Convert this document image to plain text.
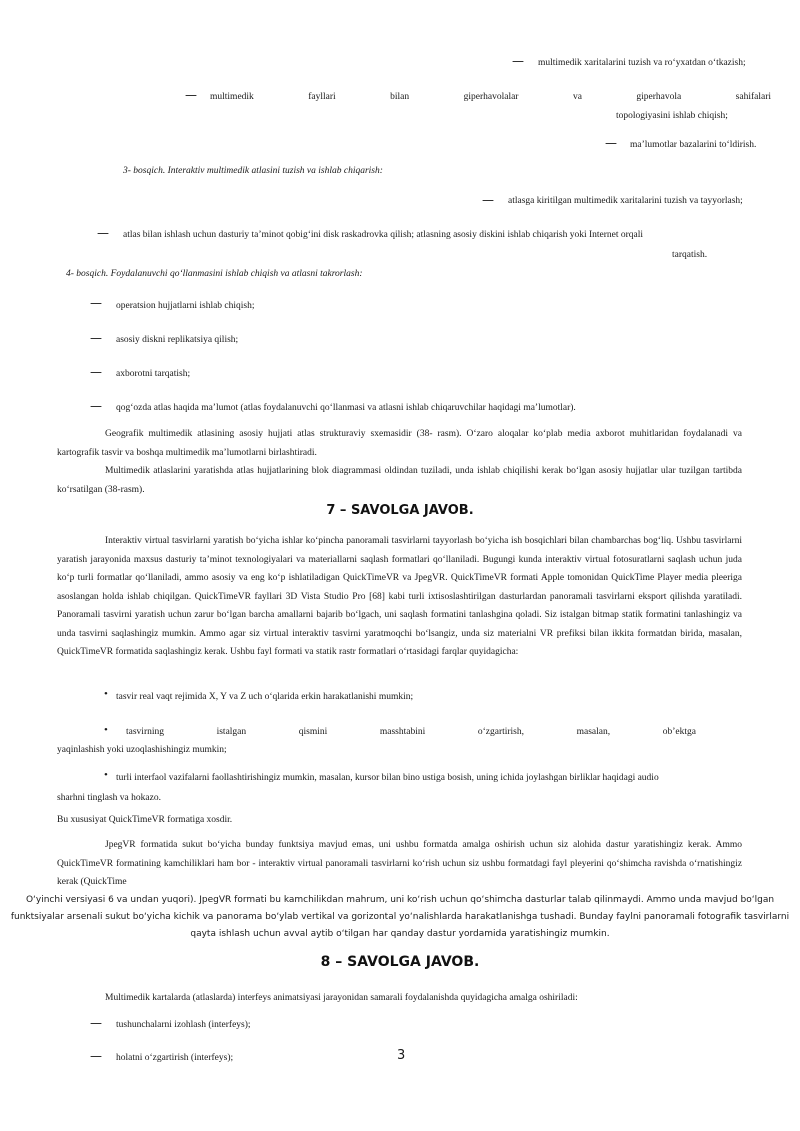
— multimedik xaritalarini tuzish va ro‘yxatdan o‘tkazish;
— multimedik	fayllari	bilan	giperhavolalar	va	giperhavola	sahifalari
topologiyasini ishlab chiqish;
— ma’lumotlar bazalarini to‘ldirish.
3- bosqich. Interaktiv multimedik atlasini tuzish va ishlab chiqarish:
— atlasga kiritilgan multimedik xaritalarini tuzish va tayyorlash;
— atlas bilan ishlash uchun dasturiy ta’minot qobig‘ini disk raskadrovka qilish; atlasning asosiy diskini ishlab chiqarish yoki Internet orqali
tarqatish.
4- bosqich. Foydalanuvchi qo‘llanmasini ishlab chiqish va atlasni takrorlash:
— operatsion hujjatlarni ishlab chiqish;
— asosiy diskni replikatsiya qilish;
— axborotni tarqatish;
— qog‘ozda atlas haqida ma’lumot (atlas foydalanuvchi qo‘llanmasi va atlasni ishlab chiqaruvchilar haqidagi ma’lumotlar).
Geografik multimedik atlasining asosiy hujjati atlas strukturaviy sxemasidir (38- rasm). O‘zaro aloqalar ko‘plab media axborot muhitlaridan foydalanadi va kartografik tasvir va boshqa multimedik ma’lumotlarni birlashtiradi.
Multimedik atlaslarini yaratishda atlas hujjatlarining blok diagrammasi oldindan tuziladi, unda ishlab chiqilishi kerak bo‘lgan asosiy hujjatlar ular tuzilgan tartibda ko‘rsatilgan (38-rasm).
7 – SAVOLGA JAVOB.
Interaktiv virtual tasvirlarni yaratish bo‘yicha ishlar ko‘pincha panoramali tasvirlarni tayyorlash bo‘yicha ish bosqichlari bilan chambarchas bog‘liq. Ushbu tasvirlarni yaratish jarayonida maxsus dasturiy ta’minot texnologiyalari va materiallarni saqlash formatlari qo‘llaniladi. Bugungi kunda interaktiv virtual fotosuratlarni saqlash uchun juda ko‘p turli formatlar qo‘llaniladi, ammo asosiy va eng ko‘p ishlatiladigan QuickTimeVR va JpegVR. QuickTimeVR formati Apple tomonidan QuickTime Player media pleeriga asoslangan holda ishlab chiqilgan. QuickTimeVR fayllari 3D Vista Studio Pro [68] kabi turli ixtisoslashtirilgan dasturlardan panoramali tasvirlarni eksport qilishda yaratiladi. Panoramali tasvirni yaratish uchun zarur bo‘lgan barcha amallarni bajarib bo‘lgach, uni saqlash formatini tanlashgina qoladi. Siz istalgan bitmap statik formatini tanlashingiz va unda tasvirni saqlashingiz mumkin. Ammo agar siz virtual interaktiv tasvirni yaratmoqchi bo‘lsangiz, unda siz materialni VR prefiksi bilan ikkita formatdan birida, masalan, QuickTimeVR formatida saqlashingiz kerak. Ushbu fayl formati va statik rastr formatlari o‘rtasidagi farqlar quyidagicha:
• tasvir real vaqt rejimida X, Y va Z uch o‘qlarida erkin harakatlanishi mumkin;
• tasvirning	istalgan	qismini	masshtabini	o‘zgartirish,	masalan,	ob’ektga
yaqinlashish yoki uzoqlashishingiz mumkin;
• turli interfaol vazifalarni faollashtirishingiz mumkin, masalan, kursor bilan bino ustiga bosish, uning ichida joylashgan birliklar haqidagi audio
sharhni tinglash va hokazo.
Bu xususiyat QuickTimeVR formatiga xosdir.
JpegVR formatida sukut bo‘yicha bunday funktsiya mavjud emas, uni ushbu formatda amalga oshirish uchun siz alohida dastur yaratishingiz kerak. Ammo QuickTimeVR formatining kamchiliklari ham bor - interaktiv virtual panoramali tasvirlarni ko‘rish uchun siz ushbu formatdagi fayl pleyerini qo‘shimcha ravishda o‘rnatishingiz kerak (QuickTime
O‘yinchi versiyasi 6 va undan yuqori). JpegVR formati bu kamchilikdan mahrum, uni ko‘rish uchun qo‘shimcha dasturlar talab qilinmaydi. Ammo unda mavjud bo‘lgan funktsiyalar arsenali sukut bo‘yicha kichik va panorama bo‘ylab vertikal va gorizontal yo‘nalishlarda harakatlanishga tushadi. Bunday faylni panoramali fotografik tasvirlarni qayta ishlash uchun avval aytib o‘tilgan har qanday dastur yordamida yaratishingiz mumkin.
8 – SAVOLGA JAVOB.
Multimedik kartalarda (atlaslarda) interfeys animatsiyasi jarayonidan samarali foydalanishda quyidagicha amalga oshiriladi:
— tushunchalarni izohlash (interfeys);
— holatni o‘zgartirish (interfeys);	3
